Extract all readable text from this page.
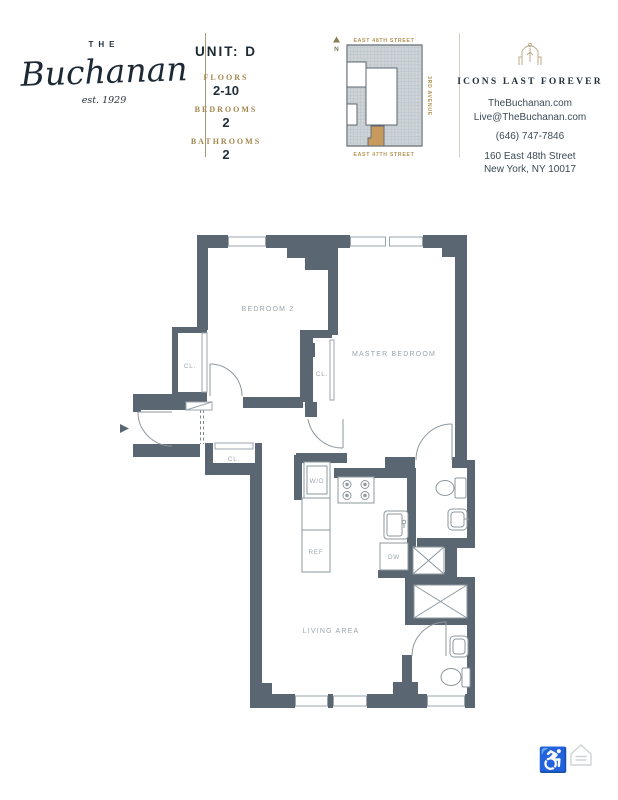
THE
Buchanan
est. 1929
UNIT: D
FLOORS
2-10
BEDROOMS
2
BATHROOMS
2
N
EAST 48TH STREET
EAST 47TH STREET
3RD AVENUE	ICONS LAST FOREVER
TheBuchanan.com
Live@TheBuchanan.com
(646) 747-7846
160 East 48th Street
New York, NY 10017
BEDROOM 2
MASTER BEDROOM
LIVING AREA
CL.
CL.
CL.
W/D
REF
DW
♿
